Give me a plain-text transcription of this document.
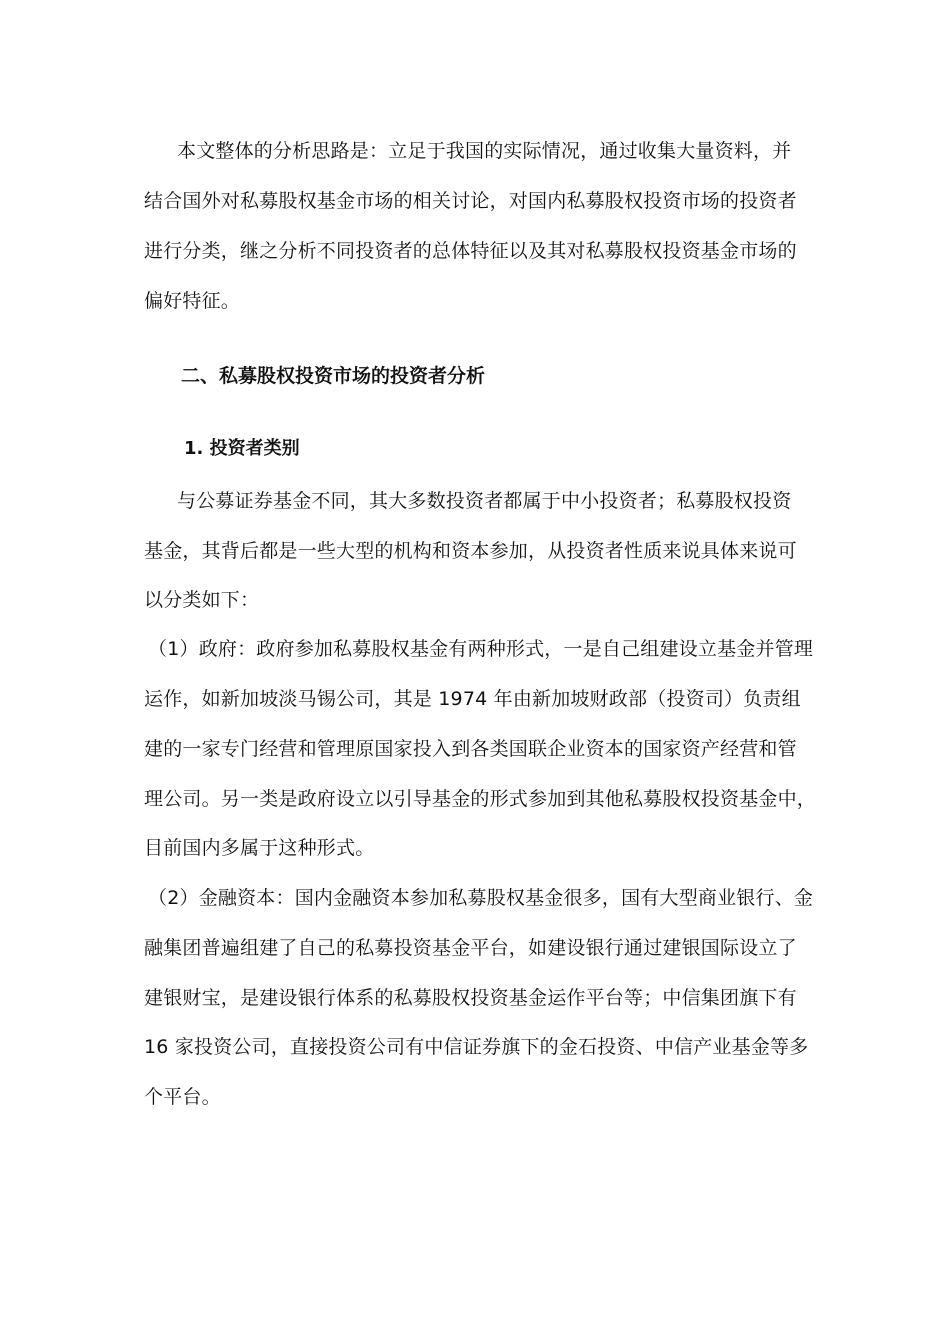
本文整体的分析思路是：立足于我国的实际情况，通过收集大量资料，并
结合国外对私募股权基金市场的相关讨论，对国内私募股权投资市场的投资者
进行分类，继之分析不同投资者的总体特征以及其对私募股权投资基金市场的
偏好特征。
二、私募股权投资市场的投资者分析
1. 投资者类别
与公募证券基金不同，其大多数投资者都属于中小投资者；私募股权投资
基金，其背后都是一些大型的机构和资本参加，从投资者性质来说具体来说可
以分类如下：
（1）政府：政府参加私募股权基金有两种形式，一是自己组建设立基金并管理
运作，如新加坡淡马锡公司，其是 1974 年由新加坡财政部（投资司）负责组
建的一家专门经营和管理原国家投入到各类国联企业资本的国家资产经营和管
理公司。另一类是政府设立以引导基金的形式参加到其他私募股权投资基金中，
目前国内多属于这种形式。
（2）金融资本：国内金融资本参加私募股权基金很多，国有大型商业银行、金
融集团普遍组建了自己的私募投资基金平台，如建设银行通过建银国际设立了
建银财宝，是建设银行体系的私募股权投资基金运作平台等；中信集团旗下有
16 家投资公司，直接投资公司有中信证券旗下的金石投资、中信产业基金等多
个平台。
